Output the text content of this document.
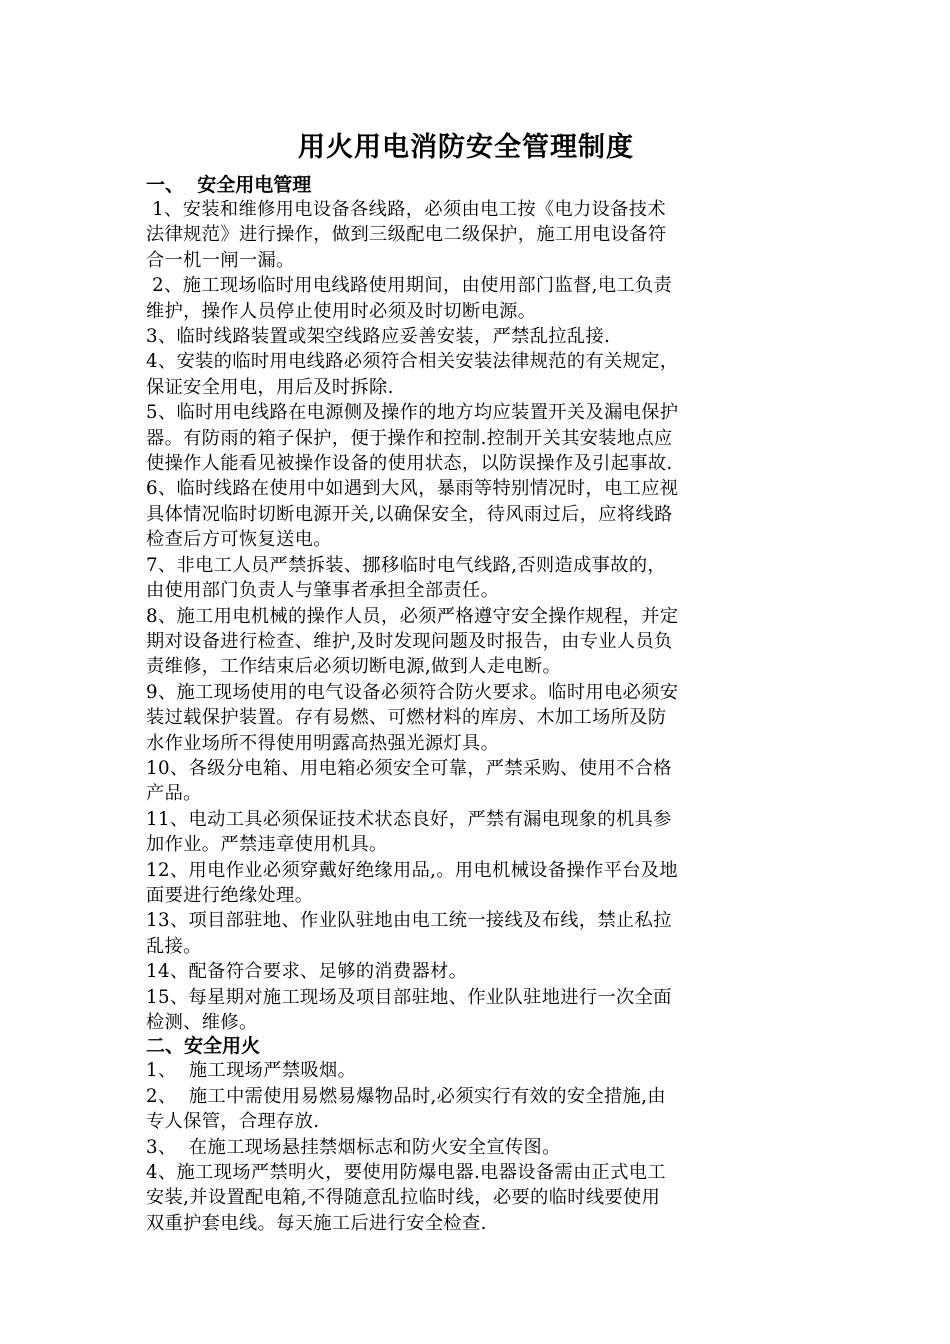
用火用电消防安全管理制度
一、  安全用电管理
1、安装和维修用电设备各线路，必须由电工按《电力设备技术
法律规范》进行操作，做到三级配电二级保护，施工用电设备符
合一机一闸一漏。
2、施工现场临时用电线路使用期间，由使用部门监督,电工负责
维护，操作人员停止使用时必须及时切断电源。
3、临时线路装置或架空线路应妥善安装，严禁乱拉乱接.
4、安装的临时用电线路必须符合相关安装法律规范的有关规定，
保证安全用电，用后及时拆除.
5、临时用电线路在电源侧及操作的地方均应装置开关及漏电保护
器。有防雨的箱子保护，便于操作和控制.控制开关其安装地点应
使操作人能看见被操作设备的使用状态，以防误操作及引起事故.
6、临时线路在使用中如遇到大风，暴雨等特别情况时，电工应视
具体情况临时切断电源开关,以确保安全，待风雨过后，应将线路
检查后方可恢复送电。
7、非电工人员严禁拆装、挪移临时电气线路,否则造成事故的，
由使用部门负责人与肇事者承担全部责任。
8、施工用电机械的操作人员，必须严格遵守安全操作规程，并定
期对设备进行检查、维护,及时发现问题及时报告，由专业人员负
责维修，工作结束后必须切断电源,做到人走电断。
9、施工现场使用的电气设备必须符合防火要求。临时用电必须安
装过载保护装置。存有易燃、可燃材料的库房、木加工场所及防
水作业场所不得使用明露高热强光源灯具。
10、各级分电箱、用电箱必须安全可靠，严禁采购、使用不合格
产品。
11、电动工具必须保证技术状态良好，严禁有漏电现象的机具参
加作业。严禁违章使用机具。
12、用电作业必须穿戴好绝缘用品,。用电机械设备操作平台及地
面要进行绝缘处理。
13、项目部驻地、作业队驻地由电工统一接线及布线，禁止私拉
乱接。
14、配备符合要求、足够的消费器材。
15、每星期对施工现场及项目部驻地、作业队驻地进行一次全面
检测、维修。
二、安全用火
1、  施工现场严禁吸烟。
2、  施工中需使用易燃易爆物品时,必须实行有效的安全措施,由
专人保管，合理存放.
3、  在施工现场悬挂禁烟标志和防火安全宣传图。
4、施工现场严禁明火，要使用防爆电器.电器设备需由正式电工
安装,并设置配电箱,不得随意乱拉临时线，必要的临时线要使用
双重护套电线。每天施工后进行安全检查.
